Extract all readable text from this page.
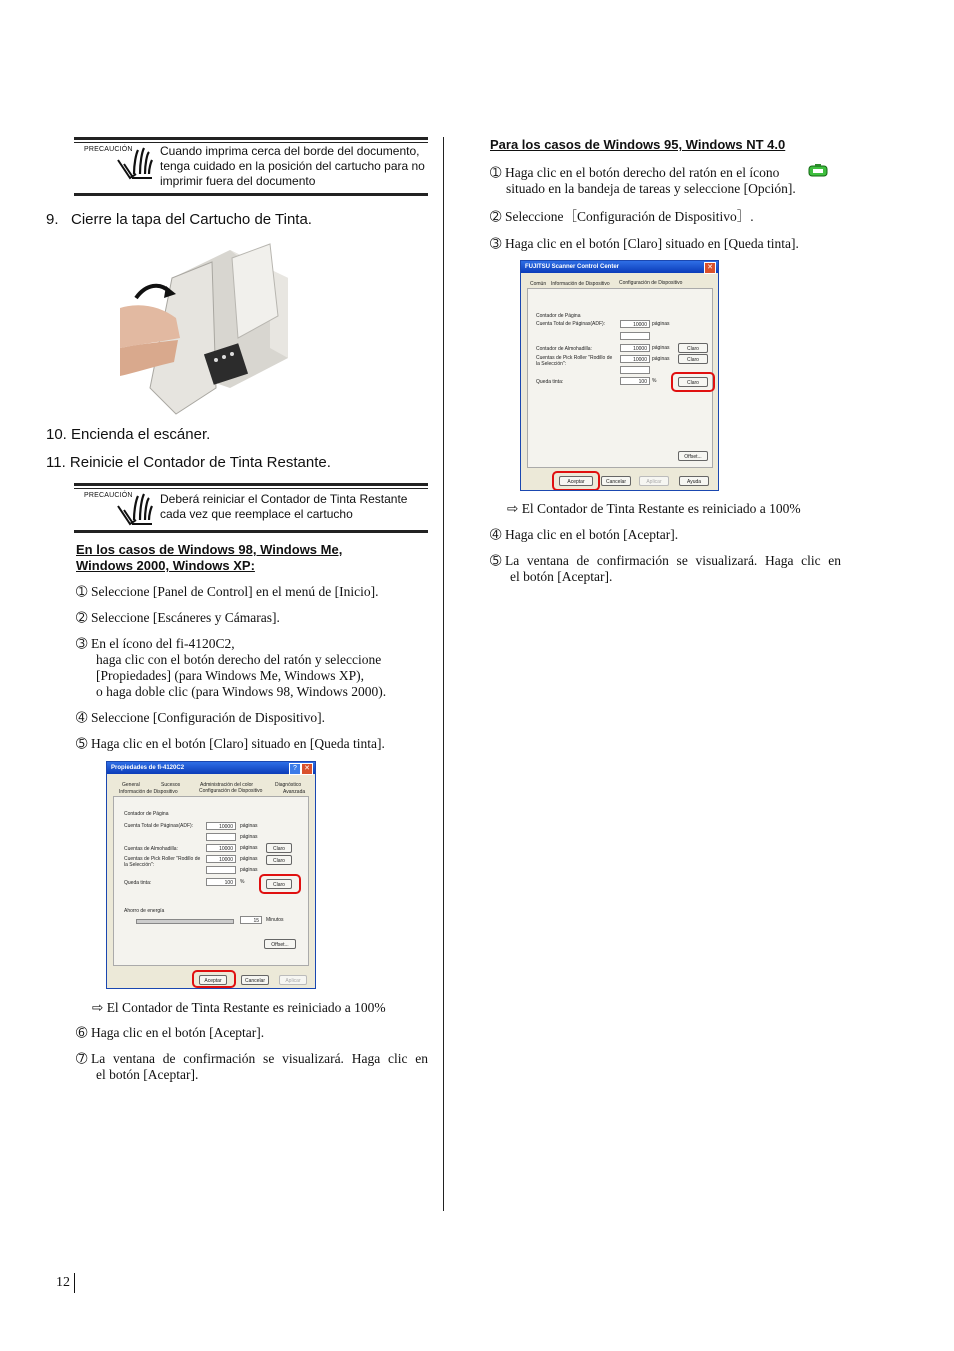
PRECAUCIÓN Cuando imprima cerca del borde del documento,
tenga cuidado en la posición del cartucho para no
imprimir fuera del documento
9.   Cierre la tapa del Cartucho de Tinta.
10. Encienda el escáner.
11. Reinicie el Contador de Tinta Restante.
PRECAUCIÓN Deberá reiniciar el Contador de Tinta Restante
cada vez que reemplace el cartucho
En los casos de Windows 98, Windows Me,
Windows 2000, Windows XP:
➀ Seleccione [Panel de Control] en el menú de [Inicio].
➁ Seleccione [Escáneres y Cámaras].
➂ En el ícono del fi-4120C2,
haga clic con el botón derecho del ratón y seleccione
[Propiedades] (para Windows Me, Windows XP),
o haga doble clic (para Windows 98, Windows 2000).
➃ Seleccione [Configuración de Dispositivo].
➄ Haga clic en el botón [Claro] situado en [Queda tinta].
Propiedades de fi-4120C2	?	✕
General	Sucesos	Administración del color	Diagnóstico
Información de Dispositivo	Configuración de Dispositivo	Avanzada
Contador de Página
Cuenta Total de Páginas(ADF):	10000	páginas
páginas
Cuentas de Almohadilla:	10000	páginas	Claro
Cuentas de Pick Roller "Rodillo de la Selección":
10000	páginas	Claro
páginas
Queda tinta:	100	%	Claro
Ahorro de energía
15	Minutos
Offset...
Aceptar	Cancelar	Aplicar
⇨ El Contador de Tinta Restante es reiniciado a 100%
➅ Haga clic en el botón [Aceptar].
➆ La ventana de confirmación se visualizará. Haga clic en
el botón [Aceptar].
Para los casos de Windows 95, Windows NT 4.0
➀ Haga clic en el botón derecho del ratón en el ícono
situado en la bandeja de tareas y seleccione [Opción].
➁ Seleccione［Configuración de Dispositivo］.
➂ Haga clic en el botón [Claro] situado en [Queda tinta].
FUJITSU Scanner Control Center	✕
Común Información de Dispositivo Configuración de Dispositivo
Contador de Página
Cuenta Total de Páginas(ADF):	10000	páginas
Contador de Almohadilla:	10000	páginas	Claro
Cuentas de Pick Roller "Rodillo de la Selección":
10000	páginas	Claro
Queda tinta:	100	%	Claro
Offset...
Aceptar	Cancelar	Aplicar	Ayuda
⇨ El Contador de Tinta Restante es reiniciado a 100%
➃ Haga clic en el botón [Aceptar].
➄ La ventana de confirmación se visualizará. Haga clic en
el botón [Aceptar].
12
